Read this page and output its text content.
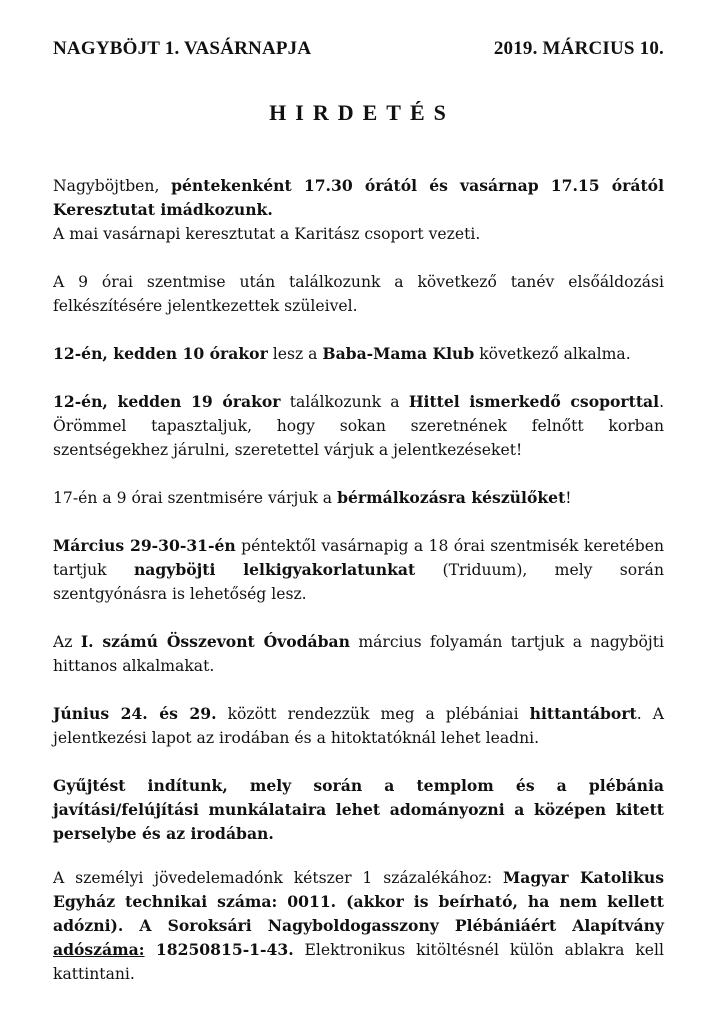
NAGYBÖJT 1. VASÁRNAPJA	2019. MÁRCIUS 10.
HIRDETÉS

Nagyböjtben, péntekenként 17.30 órától és vasárnap 17.15 órától Keresztutat imádkozunk.
A mai vasárnapi keresztutat a Karitász csoport vezeti.

A 9 órai szentmise után találkozunk a következő tanév elsőáldozási felkészítésére jelentkezettek szüleivel.

12-én, kedden 10 órakor lesz a Baba-Mama Klub következő alkalma.

12-én, kedden 19 órakor találkozunk a Hittel ismerkedő csoporttal. Örömmel tapasztaljuk, hogy sokan szeretnének felnőtt korban szentségekhez járulni, szeretettel várjuk a jelentkezéseket!

17-én a 9 órai szentmisére várjuk a bérmálkozásra készülőket!

Március 29-30-31-én péntektől vasárnapig a 18 órai szentmisék keretében tartjuk nagyböjti lelkigyakorlatunkat (Triduum), mely során szentgyónásra is lehetőség lesz.

Az I. számú Összevont Óvodában március folyamán tartjuk a nagyböjti hittanos alkalmakat.

Június 24. és 29. között rendezzük meg a plébániai hittantábort. A jelentkezési lapot az irodában és a hitoktatóknál lehet leadni.

Gyűjtést indítunk, mely során a templom és a plébánia javítási/felújítási munkálataira lehet adományozni a középen kitett perselybe és az irodában.

A személyi jövedelemadónk kétszer 1 százalékához: Magyar Katolikus Egyház technikai száma: 0011. (akkor is beírható, ha nem kellett adózni). A Soroksári Nagyboldogasszony Plébániáért Alapítvány adószáma: 18250815-1-43. Elektronikus kitöltésnél külön ablakra kell kattintani.
